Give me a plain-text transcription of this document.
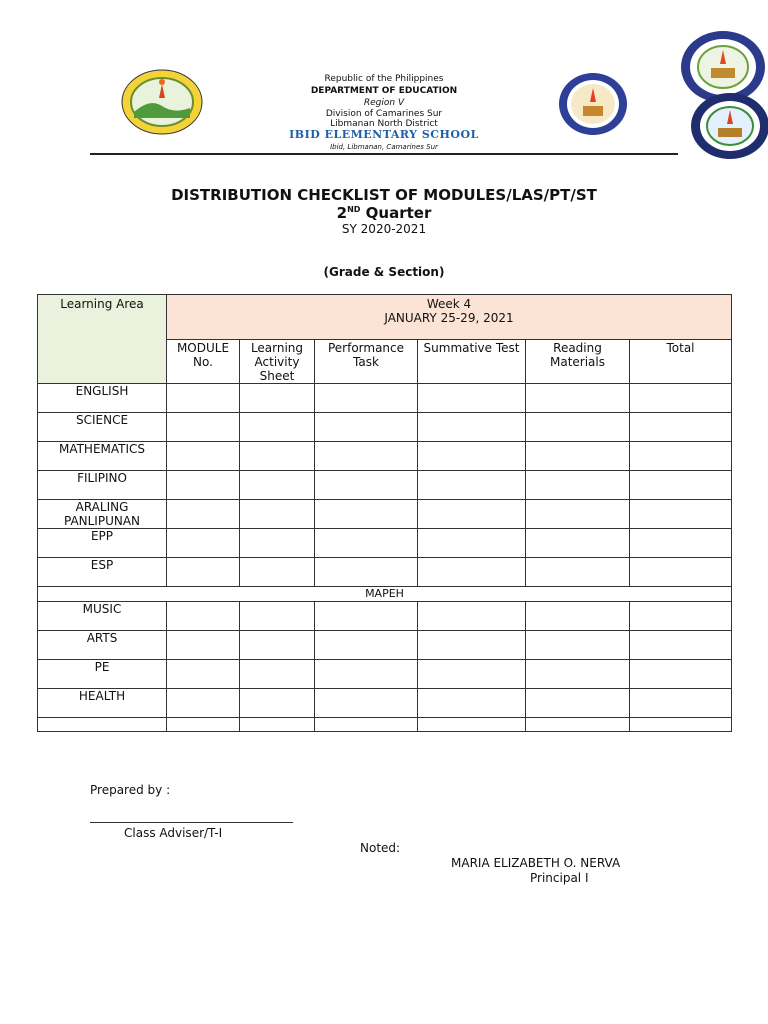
Republic of the Philippines
DEPARTMENT OF EDUCATION
Region V
Division of Camarines Sur
Libmanan North District
IBID ELEMENTARY SCHOOL
Ibid, Libmanan, Camarines Sur
DISTRIBUTION CHECKLIST OF MODULES/LAS/PT/ST
2ND Quarter
SY 2020-2021
(Grade & Section)
Learning Area	Week 4
JANUARY 25-29, 2021					

	MODULE No.	Learning Activity Sheet	Performance Task	Summative Test	Reading Materials	Total
ENGLISH						
SCIENCE						
MATHEMATICS						
FILIPINO						
ARALING PANLIPUNAN						
EPP						
ESP						
MAPEH						
MUSIC						
ARTS						
PE						
HEALTH						

Prepared by :
Class Adviser/T-I
Noted:
MARIA ELIZABETH O. NERVA
Principal I
